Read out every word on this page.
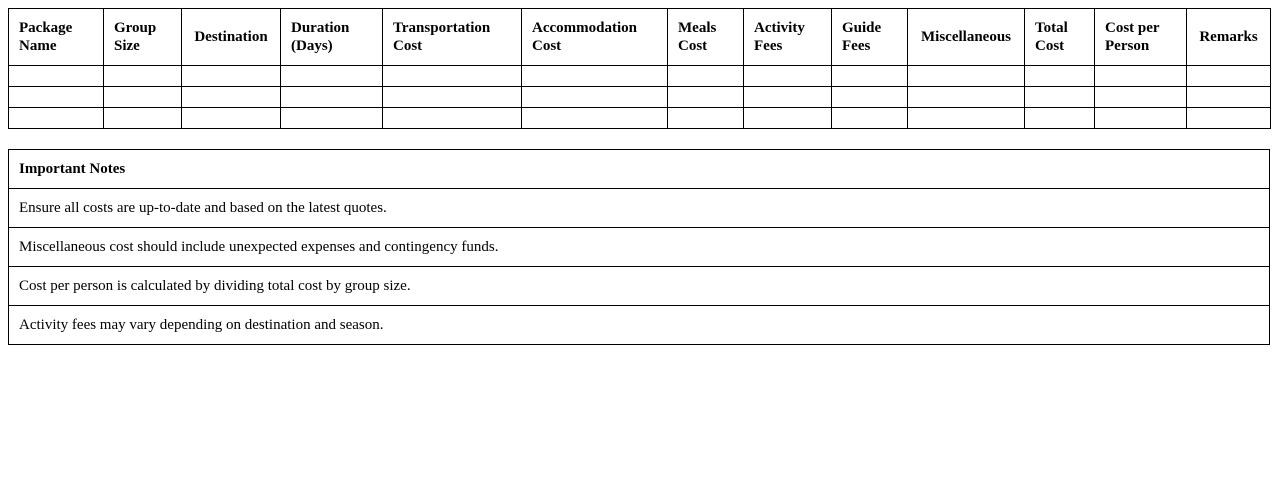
Package Name	Group Size	Destination	Duration (Days)	Transportation Cost	Accommodation Cost	Meals Cost	Activity Fees	Guide Fees	Miscellaneous	Total Cost	Cost per Person	Remarks

Important Notes
Ensure all costs are up-to-date and based on the latest quotes.
Miscellaneous cost should include unexpected expenses and contingency funds.
Cost per person is calculated by dividing total cost by group size.
Activity fees may vary depending on destination and season.
